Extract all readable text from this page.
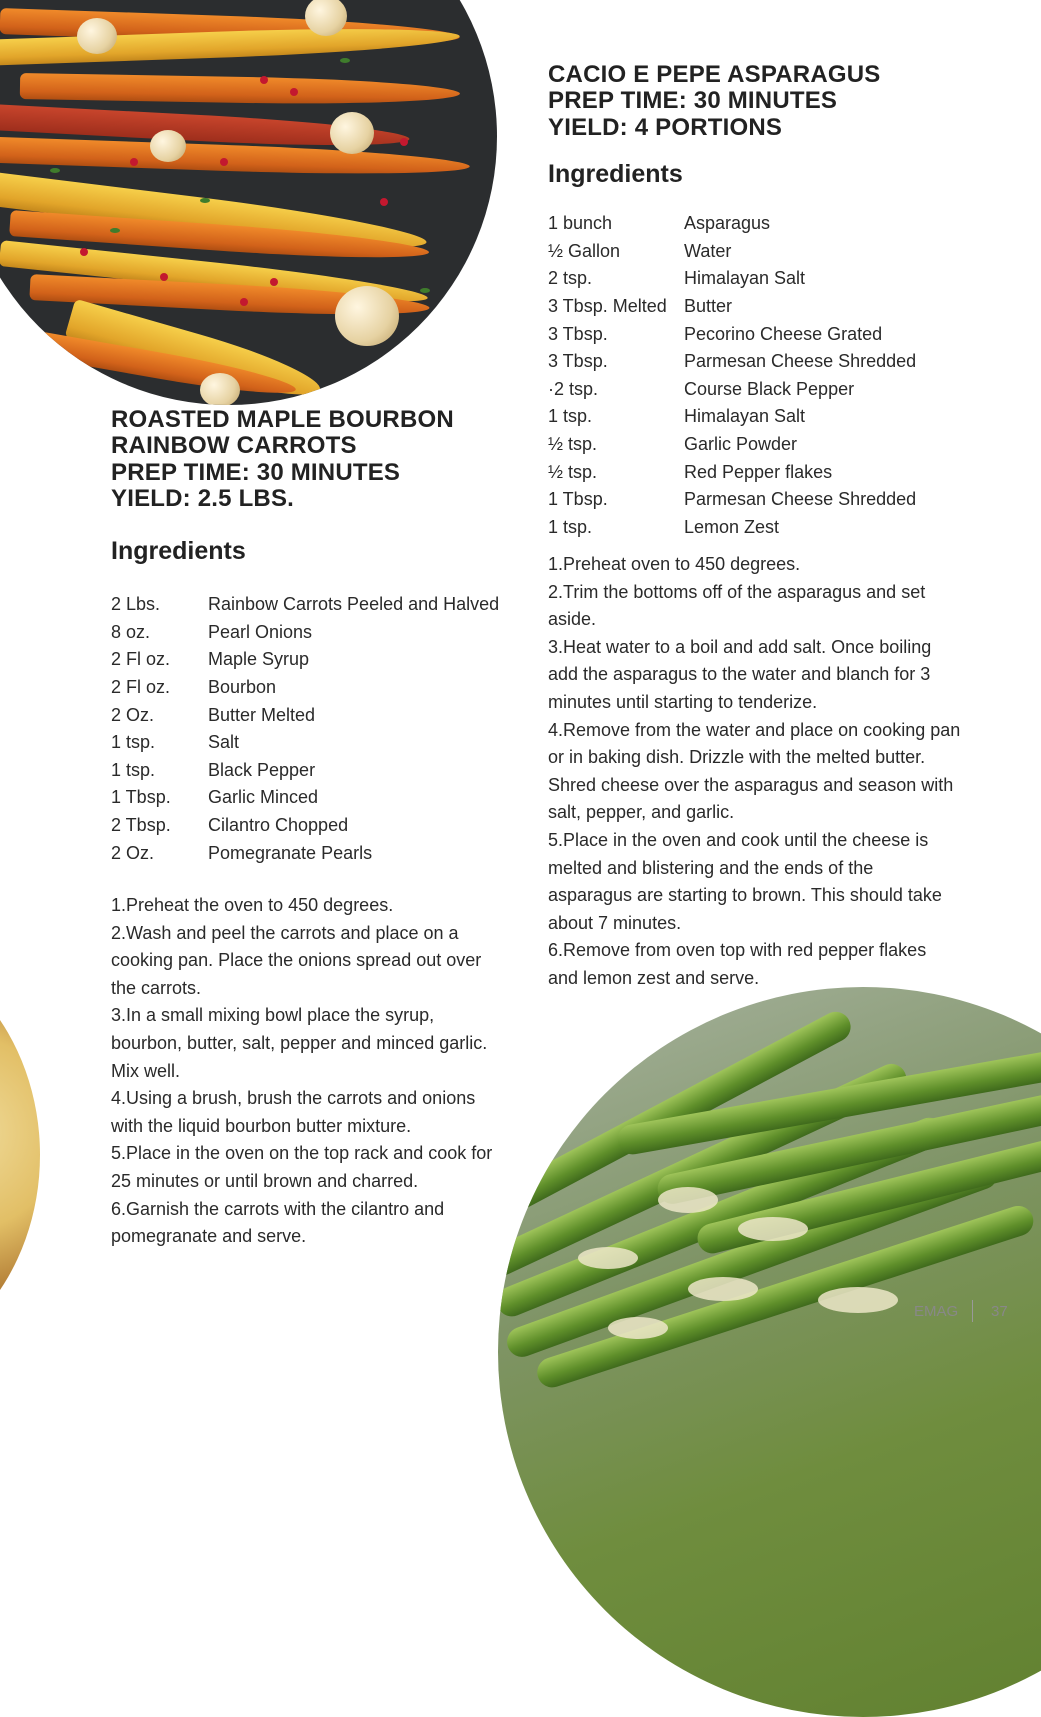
ROASTED MAPLE BOURBON
RAINBOW CARROTS
PREP TIME: 30 MINUTES
YIELD: 2.5 LBS.
Ingredients
2 Lbs.	Rainbow Carrots Peeled and Halved
8 oz.	Pearl Onions
2 Fl oz.	Maple Syrup
2 Fl oz.	Bourbon
2 Oz.	Butter Melted
1 tsp.	Salt
1 tsp.	Black Pepper
1 Tbsp.	Garlic Minced
2 Tbsp.	Cilantro Chopped
2 Oz.	Pomegranate Pearls
1.Preheat the oven to 450 degrees.
2.Wash and peel the carrots and place on a
cooking pan. Place the onions spread out over
the carrots.
3.In a small mixing bowl place the syrup,
bourbon, butter, salt, pepper and minced garlic.
Mix well.
4.Using a brush, brush the carrots and onions
with the liquid bourbon butter mixture.
5.Place in the oven on the top rack and cook for
25 minutes or until brown and charred.
6.Garnish the carrots with the cilantro and
pomegranate and serve.
CACIO E PEPE ASPARAGUS
PREP TIME: 30 MINUTES
YIELD: 4 PORTIONS
Ingredients
1 bunch	Asparagus
½ Gallon	Water
2 tsp.	Himalayan Salt
3 Tbsp. Melted	Butter
3 Tbsp.	Pecorino Cheese Grated
3 Tbsp.	Parmesan Cheese Shredded
·2 tsp.	Course Black Pepper
1 tsp.	Himalayan Salt
½ tsp.	Garlic Powder
½ tsp.	Red Pepper flakes
1 Tbsp.	Parmesan Cheese Shredded
1 tsp.	Lemon Zest
1.Preheat oven to 450 degrees.
2.Trim the bottoms off of the asparagus and set
aside.
3.Heat water to a boil and add salt. Once boiling
add the asparagus to the water and blanch for 3
minutes until starting to tenderize.
4.Remove from the water and place on cooking pan
or in baking dish. Drizzle with the melted butter.
Shred cheese over the asparagus and season with
salt, pepper, and garlic.
5.Place in the oven and cook until the cheese is
melted and blistering and the ends of the
asparagus are starting to brown. This should take
about 7 minutes.
6.Remove from oven top with red pepper flakes
and lemon zest and serve.
EMAG 37
